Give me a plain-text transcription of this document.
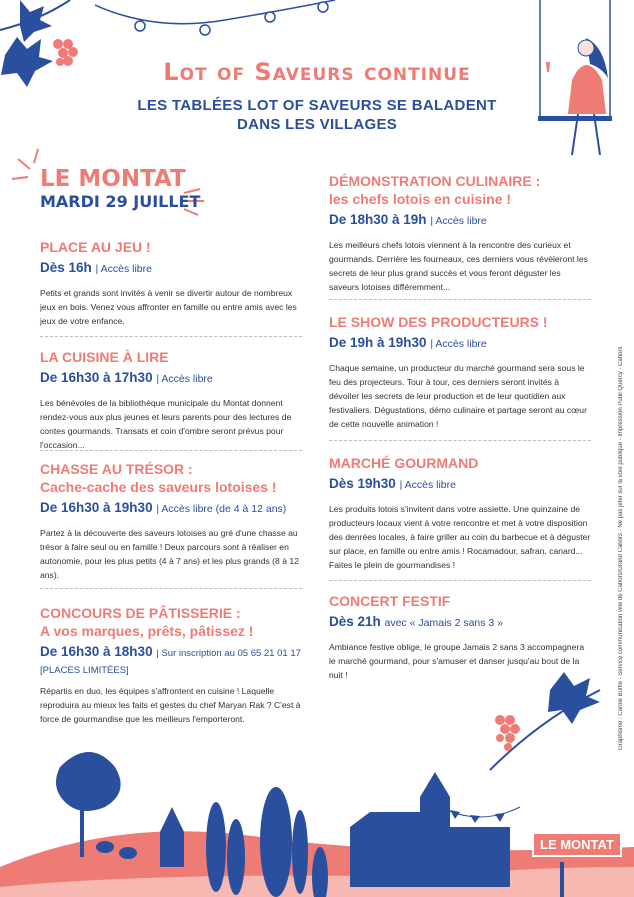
Lot of Saveurs continue
LES TABLÉES LOT OF SAVEURS SE BALADENT
DANS LES VILLAGES
LE MONTAT
MARDI 29 JUILLET
PLACE AU JEU !
Dès 16h | Accès libre

Petits et grands sont invités à venir se divertir autour de nombreux jeux en bois. Venez vous affronter en famille ou entre amis avec les jeux de votre enfance.

LA CUISINE À LIRE
De 16h30 à 17h30 | Accès libre

Les bénévoles de la bibliothèque municipale du Montat donnent rendez-vous aux plus jeunes et leurs parents pour des lectures de contes gourmands. Transats et coin d'ombre seront prévus pour l'occasion...

CHASSE AU TRÉSOR :
Cache-cache des saveurs lotoises !
De 16h30 à 19h30 | Accès libre (de 4 à 12 ans)

Partez à la découverte des saveurs lotoises au gré d'une chasse au trésor à faire seul ou en famille ! Deux parcours sont à réaliser en autonomie, pour les plus petits (4 à 7 ans) et les plus grands (8 à 12 ans).

CONCOURS DE PÂTISSERIE :
A vos marques, prêts, pâtissez !
De 16h30 à 18h30 | Sur inscription au 05 65 21 01 17
[PLACES LIMITÉES]

Répartis en duo, les équipes s'affrontent en cuisine ! Laquelle reproduira au mieux les faits et gestes du chef Maryan Rak ? C'est à force de gourmandise que les meilleurs l'emporteront.

DÉMONSTRATION CULINAIRE :
les chefs lotois en cuisine !
De 18h30 à 19h | Accès libre

Les meilleurs chefs lotois viennent à la rencontre des curieux et gourmands. Derrière les fourneaux, ces derniers vous révèleront les secrets de leur plus grand succès et vous feront déguster les saveurs lotoises différemment...

LE SHOW DES PRODUCTEURS !
De 19h à 19h30 | Accès libre

Chaque semaine, un producteur du marché gourmand sera sous le feu des projecteurs. Tour à tour, ces derniers seront invités à dévoiler les secrets de leur production et de leur quotidien aux festivaliers. Dégustations, démo culinaire et partage seront au cœur de cette nouvelle animation !

MARCHÉ GOURMAND
Dès 19h30 | Accès libre

Les produits lotois s'invitent dans votre assiette. Une quinzaine de producteurs locaux vient à votre rencontre et met à votre disposition des denrées locales, à faire griller au coin du barbecue et à déguster sur place, en famille ou entre amis ! Rocamadour, safran, canard... Faites le plein de gourmandises !

CONCERT FESTIF
Dès 21h avec « Jamais 2 sans 3 »

Ambiance festive oblige, le groupe Jamais 2 sans 3 accompagnera le marché gourmand, pour s'amuser et danser jusqu'au bout de la nuit !	Graphisme : Carole Buffle - Service communication ville de Cahors/Grand Cahors - Ne pas jeter sur la voie publique - Impression Publi Quercy - Cahors
LE MONTAT
